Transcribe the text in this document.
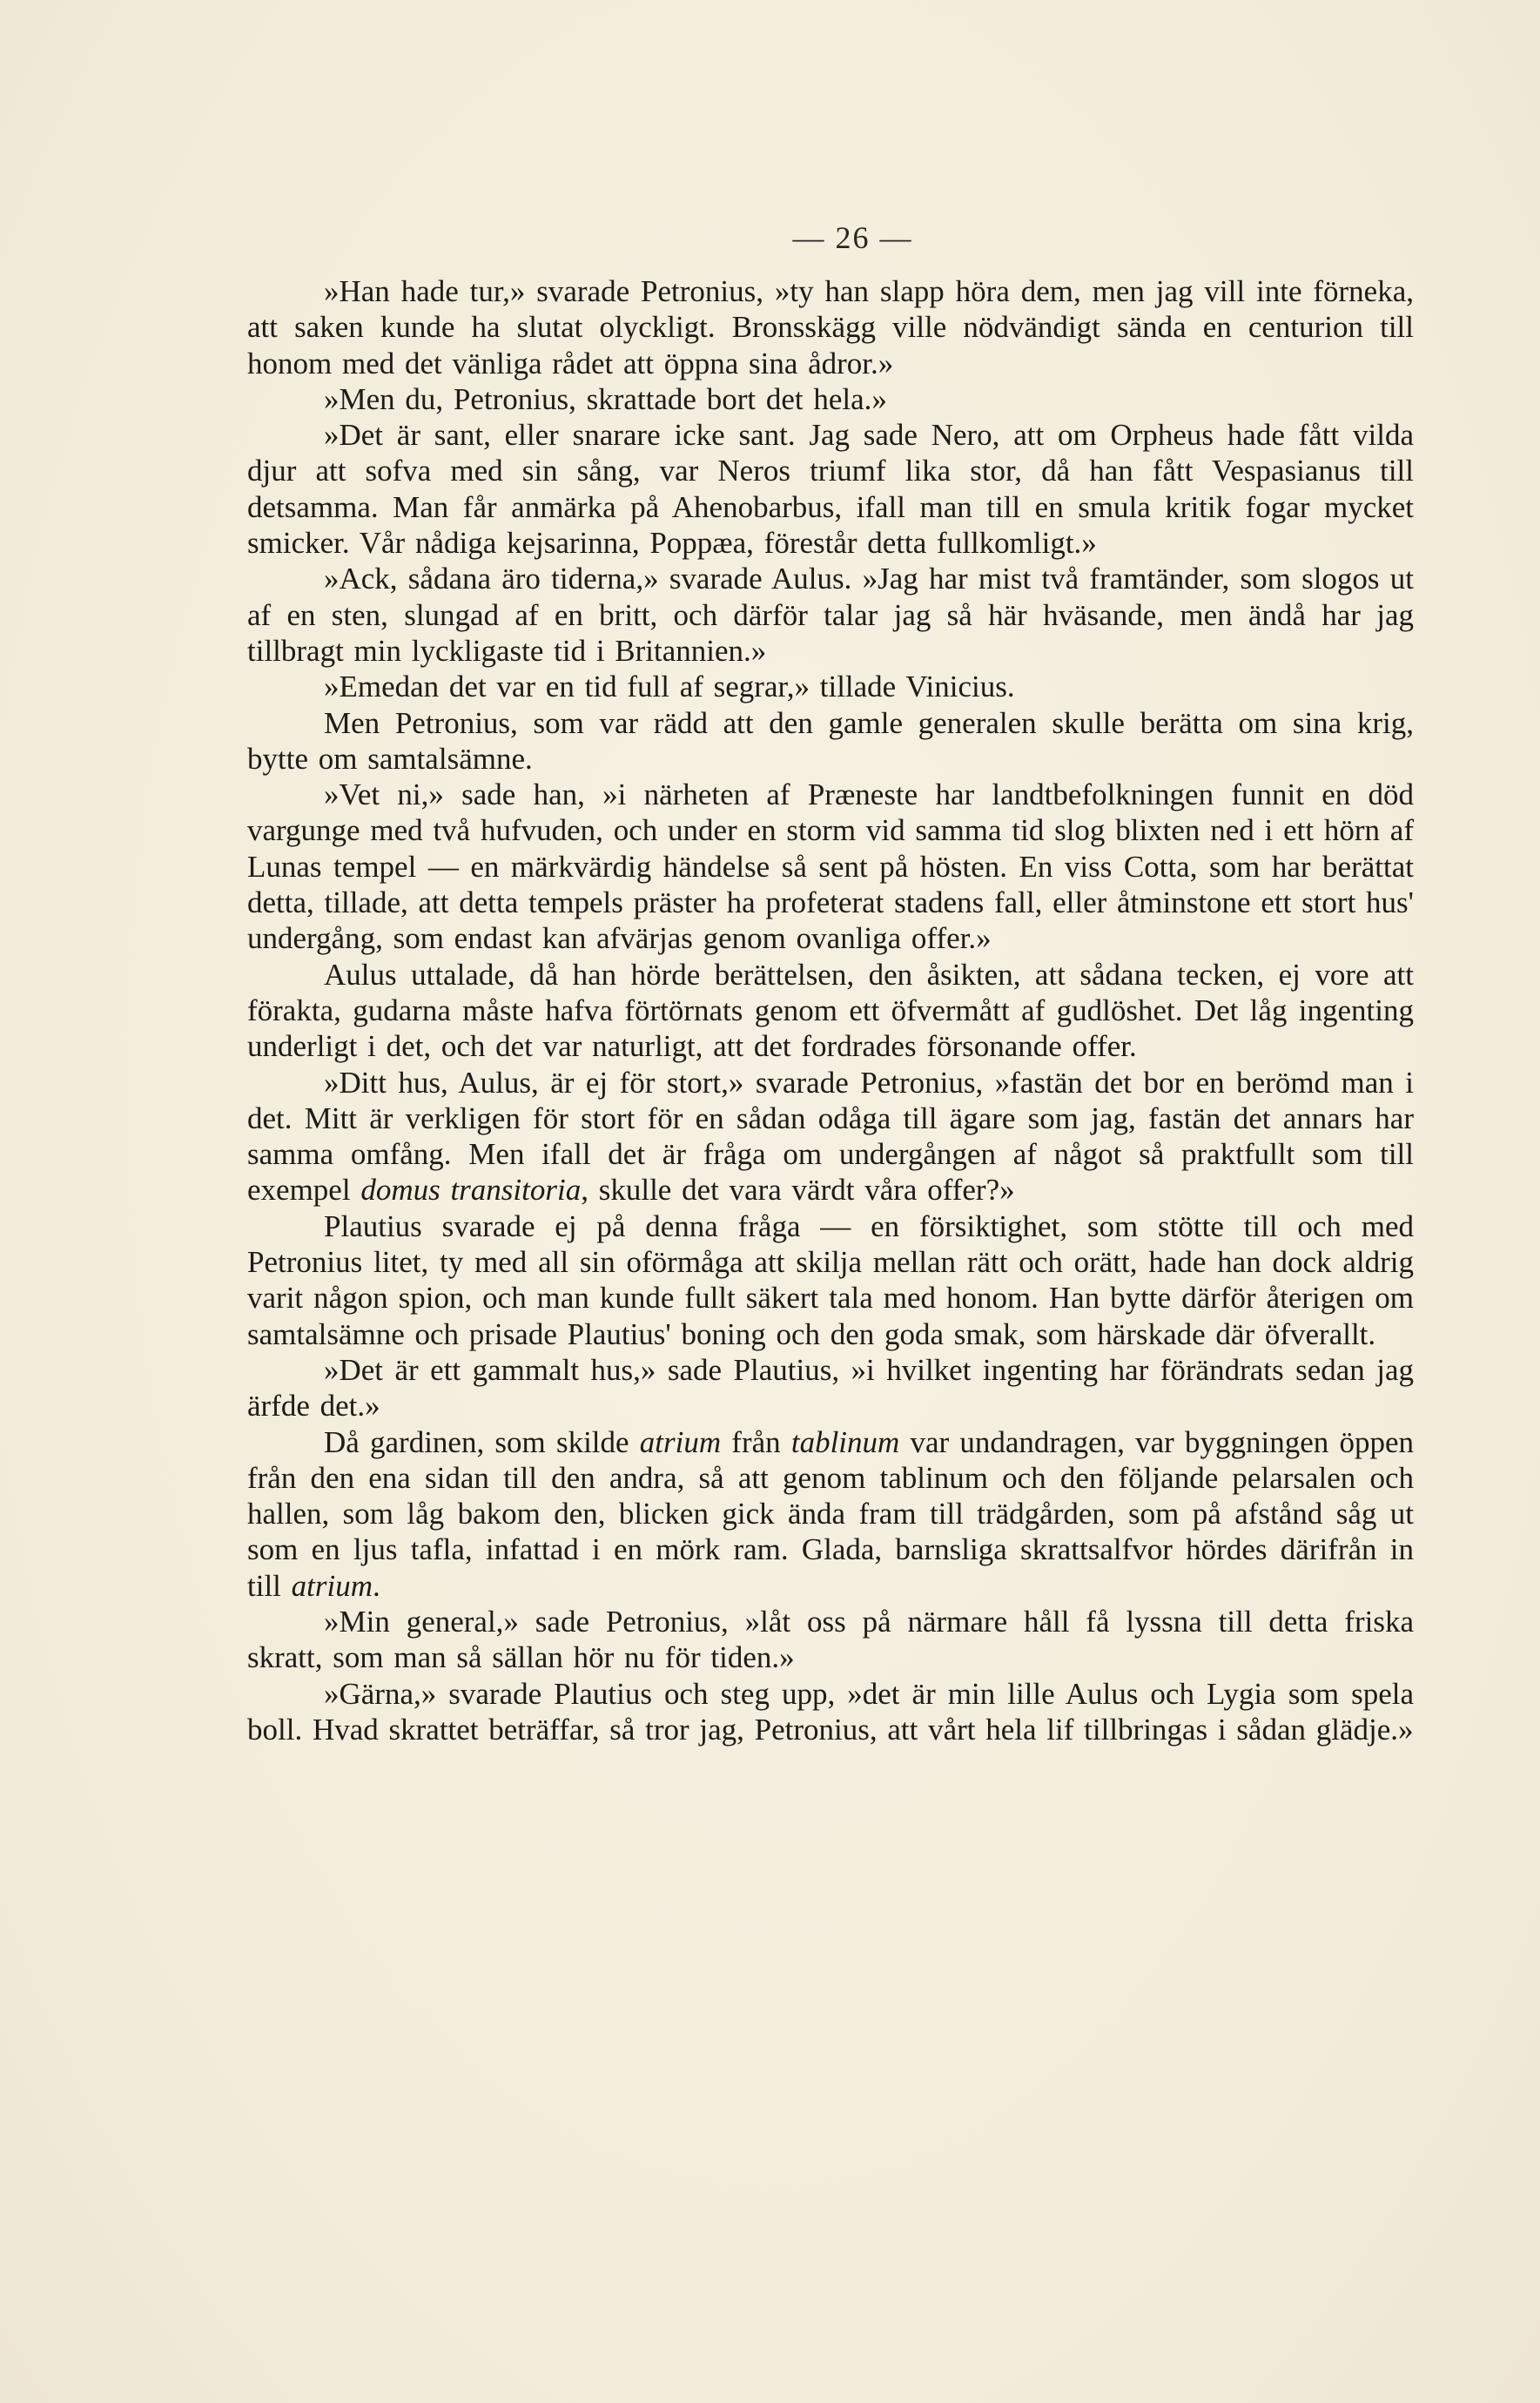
— 26 —

»Han hade tur,» svarade Petronius, »ty han slapp höra dem, men jag vill inte förneka, att saken kunde ha slutat olyckligt. Bronsskägg ville nödvändigt sända en centurion till honom med det vänliga rådet att öppna sina ådror.»

»Men du, Petronius, skrattade bort det hela.»

»Det är sant, eller snarare icke sant. Jag sade Nero, att om Orpheus hade fått vilda djur att sofva med sin sång, var Neros triumf lika stor, då han fått Vespasianus till detsamma. Man får anmärka på Ahenobarbus, ifall man till en smula kritik fogar mycket smicker. Vår nådiga kejsarinna, Poppæa, förestår detta fullkomligt.»

»Ack, sådana äro tiderna,» svarade Aulus. »Jag har mist två framtänder, som slogos ut af en sten, slungad af en britt, och därför talar jag så här hväsande, men ändå har jag tillbragt min lyckligaste tid i Britannien.»

»Emedan det var en tid full af segrar,» tillade Vinicius.

Men Petronius, som var rädd att den gamle generalen skulle berätta om sina krig, bytte om samtalsämne.

»Vet ni,» sade han, »i närheten af Præneste har landtbefolkningen funnit en död vargunge med två hufvuden, och under en storm vid samma tid slog blixten ned i ett hörn af Lunas tempel — en märkvärdig händelse så sent på hösten. En viss Cotta, som har berättat detta, tillade, att detta tempels präster ha profeterat stadens fall, eller åtminstone ett stort hus' undergång, som endast kan afvärjas genom ovanliga offer.»

Aulus uttalade, då han hörde berättelsen, den åsikten, att sådana tecken, ej vore att förakta, gudarna måste hafva förtörnats genom ett öfvermått af gudlöshet. Det låg ingenting underligt i det, och det var naturligt, att det fordrades försonande offer.

»Ditt hus, Aulus, är ej för stort,» svarade Petronius, »fastän det bor en berömd man i det. Mitt är verkligen för stort för en sådan odåga till ägare som jag, fastän det annars har samma omfång. Men ifall det är fråga om undergången af något så praktfullt som till exempel domus transitoria, skulle det vara värdt våra offer?»

Plautius svarade ej på denna fråga — en försiktighet, som stötte till och med Petronius litet, ty med all sin oförmåga att skilja mellan rätt och orätt, hade han dock aldrig varit någon spion, och man kunde fullt säkert tala med honom. Han bytte därför återigen om samtalsämne och prisade Plautius' boning och den goda smak, som härskade där öfverallt.

»Det är ett gammalt hus,» sade Plautius, »i hvilket ingenting har förändrats sedan jag ärfde det.»

Då gardinen, som skilde atrium från tablinum var undandragen, var byggningen öppen från den ena sidan till den andra, så att genom tablinum och den följande pelarsalen och hallen, som låg bakom den, blicken gick ända fram till trädgården, som på afstånd såg ut som en ljus tafla, infattad i en mörk ram. Glada, barnsliga skrattsalfvor hördes därifrån in till atrium.

»Min general,» sade Petronius, »låt oss på närmare håll få lyssna till detta friska skratt, som man så sällan hör nu för tiden.»

»Gärna,» svarade Plautius och steg upp, »det är min lille Aulus och Lygia som spela boll. Hvad skrattet beträffar, så tror jag, Petronius, att vårt hela lif tillbringas i sådan glädje.»
